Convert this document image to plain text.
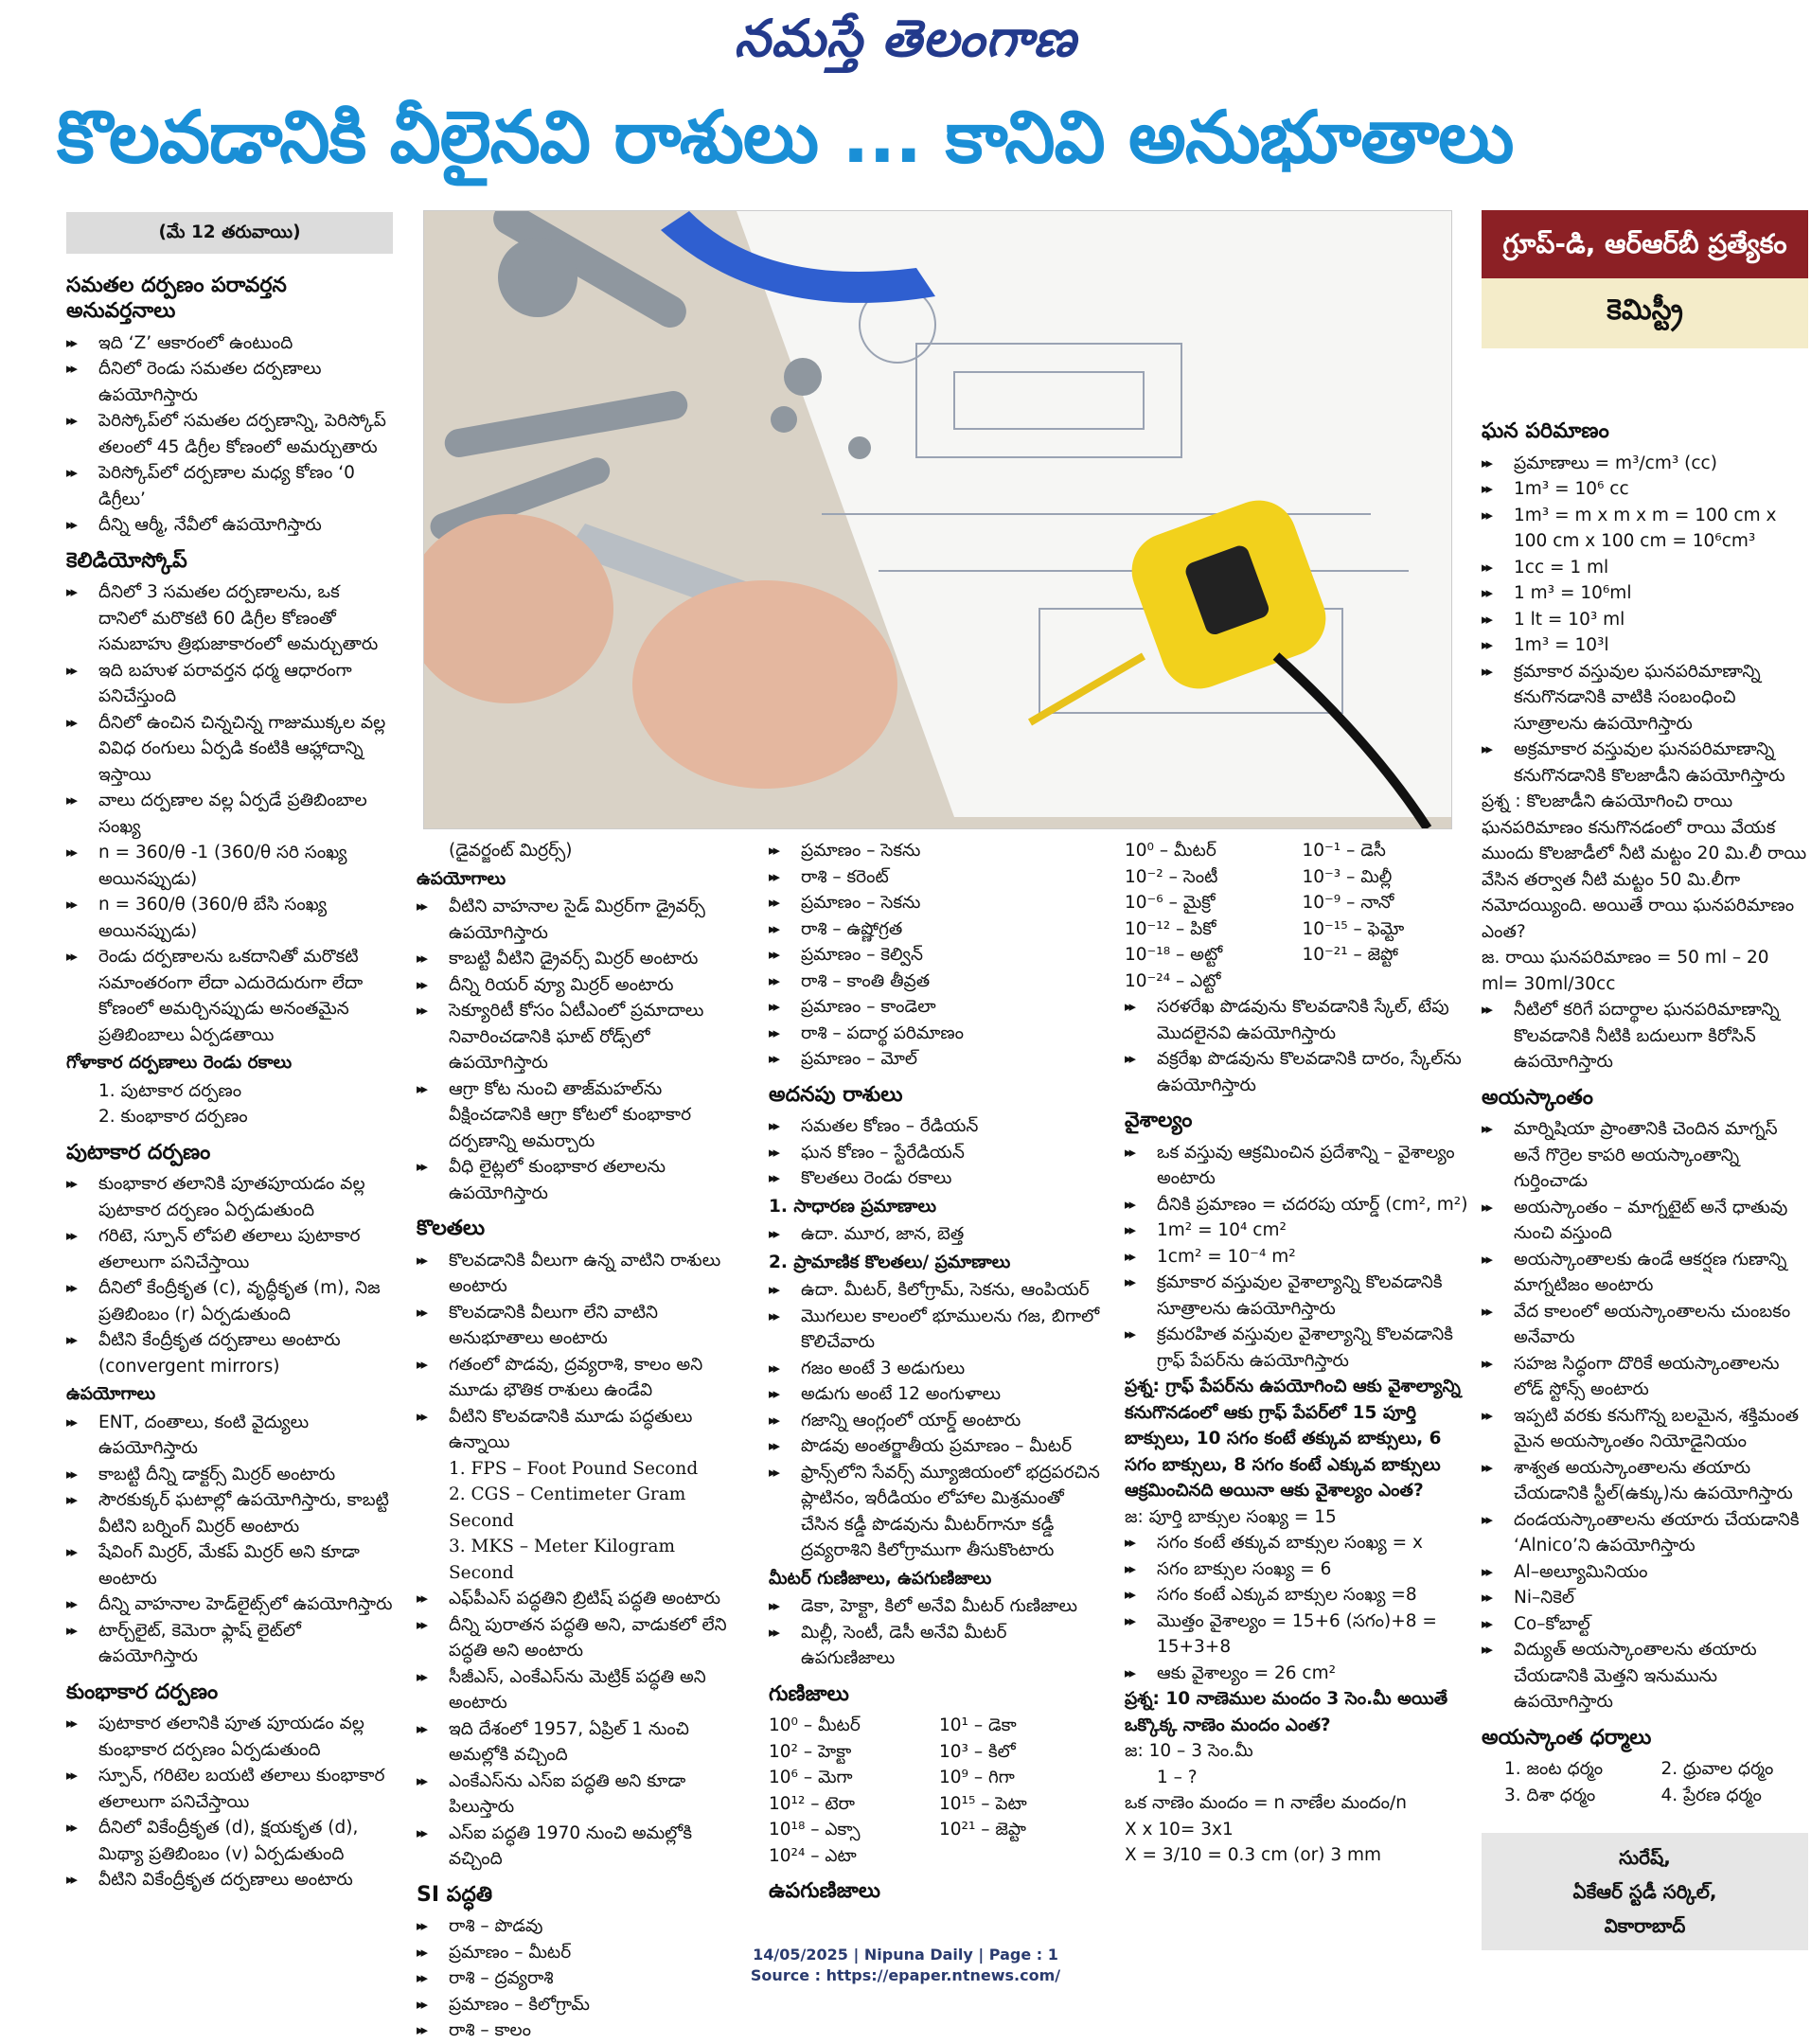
నమస్తే తెలంగాణ
కొలవడానికి వీలైనవి రాశులు ... కానివి అనుభూతాలు
(మే 12 తరువాయి)
సమతల దర్పణం పరావర్తన అనువర్తనాలు
▸▸ ఇది ‘Z’ ఆకారంలో ఉంటుంది
▸▸ దీనిలో రెండు సమతల దర్పణాలు ఉపయోగిస్తారు
▸▸ పెరిస్కోప్‌లో సమతల దర్పణాన్ని, పెరిస్కోప్‌ తలంలో 45 డిగ్రీల కోణంలో అమర్చుతారు
▸▸ పెరిస్కోప్‌లో దర్పణాల మధ్య కోణం ‘0 డిగ్రీలు’
▸▸ దీన్ని ఆర్మీ, నేవీలో ఉపయోగిస్తారు
కెలిడియోస్కోప్‌
▸▸ దీనిలో 3 సమతల దర్పణాలను, ఒక దానిలో మరొకటి 60 డిగ్రీల కోణంతో సమబాహు త్రిభుజాకారంలో అమర్చుతారు
▸▸ ఇది బహుళ పరావర్తన ధర్మ ఆధారంగా పనిచేస్తుంది
▸▸ దీనిలో ఉంచిన చిన్నచిన్న గాజుముక్కల వల్ల వివిధ రంగులు ఏర్పడి కంటికి ఆహ్లాదాన్ని ఇస్తాయి
▸▸ వాలు దర్పణాల వల్ల ఏర్పడే ప్రతిబింబాల సంఖ్య
▸▸ n = 360/θ -1 (360/θ సరి సంఖ్య అయినప్పుడు)
▸▸ n = 360/θ (360/θ బేసి సంఖ్య అయినప్పుడు)
▸▸ రెండు దర్పణాలను ఒకదానితో మరొకటి సమాంతరంగా లేదా ఎదురెదురుగా లేదా కోణంలో అమర్చినప్పుడు అనంతమైన ప్రతిబింబాలు ఏర్పడతాయి
గోళాకార దర్పణాలు రెండు రకాలు
1. పుటాకార దర్పణం
2. కుంభాకార దర్పణం
పుటాకార దర్పణం
▸▸ కుంభాకార తలానికి పూతపూయడం వల్ల పుటాకార దర్పణం ఏర్పడుతుంది
▸▸ గరిటె, స్పూన్‌ లోపలి తలాలు పుటాకార తలాలుగా పనిచేస్తాయి
▸▸ దీనిలో కేంద్రీకృత (c), వృద్ధీకృత (m), నిజ ప్రతిబింబం (r) ఏర్పడుతుంది
▸▸ వీటిని కేంద్రీకృత దర్పణాలు అంటారు (convergent mirrors)
ఉపయోగాలు
▸▸ ENT, దంతాలు, కంటి వైద్యులు ఉపయోగిస్తారు
▸▸ కాబట్టి దీన్ని డాక్టర్స్‌ మిర్రర్‌ అంటారు
▸▸ సౌరకుక్కర్‌ ఘటాల్లో ఉపయోగిస్తారు, కాబట్టి వీటిని బర్నింగ్‌ మిర్రర్‌ అంటారు
▸▸ షేవింగ్‌ మిర్రర్‌, మేకప్‌ మిర్రర్‌ అని కూడా అంటారు
▸▸ దీన్ని వాహనాల హెడ్‌లైట్స్‌లో ఉపయోగిస్తారు
▸▸ టార్చ్‌లైట్‌, కెమెరా ఫ్లాష్‌ లైట్‌లో ఉపయోగిస్తారు
కుంభాకార దర్పణం
▸▸ పుటాకార తలానికి పూత పూయడం వల్ల కుంభాకార దర్పణం ఏర్పడుతుంది
▸▸ స్పూన్‌, గరిటెల బయటి తలాలు కుంభాకార తలాలుగా పనిచేస్తాయి
▸▸ దీనిలో వికేంద్రీకృత (d), క్షయకృత (d), మిథ్యా ప్రతిబింబం (v) ఏర్పడుతుంది
▸▸ వీటిని వికేంద్రీకృత దర్పణాలు అంటారు
(డైవర్జంట్‌ మిర్రర్స్‌)
ఉపయోగాలు
▸▸ వీటిని వాహనాల సైడ్‌ మిర్రర్‌గా డ్రైవర్స్‌ ఉపయోగిస్తారు
▸▸ కాబట్టి వీటిని డ్రైవర్స్‌ మిర్రర్‌ అంటారు
▸▸ దీన్ని రియర్‌ వ్యూ మిర్రర్‌ అంటారు
▸▸ సెక్యూరిటీ కోసం ఏటీఎంలో ప్రమాదాలు నివారించడానికి ఘాట్‌ రోడ్స్‌లో ఉపయోగిస్తారు
▸▸ ఆగ్రా కోట నుంచి తాజ్‌మహల్‌ను వీక్షించడానికి ఆగ్రా కోటలో కుంభాకార దర్పణాన్ని అమర్చారు
▸▸ వీధి లైట్లలో కుంభాకార తలాలను ఉపయోగిస్తారు
కొలతలు
▸▸ కొలవడానికి వీలుగా ఉన్న వాటిని రాశులు అంటారు
▸▸ కొలవడానికి వీలుగా లేని వాటిని అనుభూతాలు అంటారు
▸▸ గతంలో పొడవు, ద్రవ్యరాశి, కాలం అని మూడు భౌతిక రాశులు ఉండేవి
▸▸ వీటిని కొలవడానికి మూడు పద్ధతులు ఉన్నాయి
1. FPS – Foot Pound Second
2. CGS – Centimeter Gram Second
3. MKS – Meter Kilogram Second
▸▸ ఎఫ్‌పీఎస్‌ పద్ధతిని బ్రిటిష్‌ పద్ధతి అంటారు
▸▸ దీన్ని పురాతన పద్ధతి అని, వాడుకలో లేని పద్ధతి అని అంటారు
▸▸ సీజీఎస్‌, ఎంకేఎస్‌ను మెట్రిక్‌ పద్ధతి అని అంటారు
▸▸ ఇది దేశంలో 1957, ఏప్రిల్‌ 1 నుంచి అమల్లోకి వచ్చింది
▸▸ ఎంకేఎస్‌ను ఎస్‌ఐ పద్ధతి అని కూడా పిలుస్తారు
▸▸ ఎస్‌ఐ పద్ధతి 1970 నుంచి అమల్లోకి వచ్చింది
SI పద్ధతి
▸▸ రాశి – పొడవు
▸▸ ప్రమాణం – మీటర్‌
▸▸ రాశి – ద్రవ్యరాశి
▸▸ ప్రమాణం – కిలోగ్రామ్‌
▸▸ రాశి – కాలం
▸▸ ప్రమాణం – సెకను
▸▸ రాశి – కరెంట్‌
▸▸ ప్రమాణం – సెకను
▸▸ రాశి – ఉష్ణోగ్రత
▸▸ ప్రమాణం – కెల్విన్‌
▸▸ రాశి – కాంతి తీవ్రత
▸▸ ప్రమాణం – కాండెలా
▸▸ రాశి – పదార్థ పరిమాణం
▸▸ ప్రమాణం – మోల్‌
అదనపు రాశులు
▸▸ సమతల కోణం – రేడియన్‌
▸▸ ఘన కోణం – స్టేరేడియన్‌
▸▸ కొలతలు రెండు రకాలు
1. సాధారణ ప్రమాణాలు
▸▸ ఉదా. మూర, జాన, బెత్త
2. ప్రామాణిక కొలతలు/ ప్రమాణాలు
▸▸ ఉదా. మీటర్‌, కిలోగ్రామ్‌, సెకను, ఆంపియర్‌
▸▸ మొగలుల కాలంలో భూములను గజ, బిగాలో కొలిచేవారు
▸▸ గజం అంటే 3 అడుగులు
▸▸ అడుగు అంటే 12 అంగుళాలు
▸▸ గజాన్ని ఆంగ్లంలో యార్డ్‌ అంటారు
▸▸ పొడవు అంతర్జాతీయ ప్రమాణం – మీటర్‌
▸▸ ఫ్రాన్స్‌లోని సేవర్స్‌ మ్యూజియంలో భద్రపరచిన ప్లాటినం, ఇరీడియం లోహాల మిశ్రమంతో చేసిన కడ్డీ పొడవును మీటర్‌గానూ కడ్డీ ద్రవ్యరాశిని కిలోగ్రాముగా తీసుకొంటారు
మీటర్‌ గుణిజాలు, ఉపగుణిజాలు
▸▸ డెకా, హెక్టా, కిలో అనేవి మీటర్‌ గుణిజాలు
▸▸ మిల్లీ, సెంటీ, డెసీ అనేవి మీటర్‌ ఉపగుణిజాలు
గుణిజాలు
10⁰ – మీటర్‌	10¹ – డెకా
10² – హెక్టా	10³ – కిలో
10⁶ – మెగా	10⁹ – గిగా
10¹² – టెరా	10¹⁵ – పెటా
10¹⁸ – ఎక్సా	10²¹ – జెప్టా
10²⁴ – ఎటా
ఉపగుణిజాలు
10⁰ – మీటర్‌	10⁻¹ – డెసీ
10⁻² – సెంటీ	10⁻³ – మిల్లీ
10⁻⁶ – మైక్రో	10⁻⁹ – నానో
10⁻¹² – పికో	10⁻¹⁵ – ఫెమ్టో
10⁻¹⁸ – అట్టో	10⁻²¹ – జెప్టో
10⁻²⁴ – ఎట్టో
▸▸ సరళరేఖ పొడవును కొలవడానికి స్కేల్‌, టేపు మొదలైనవి ఉపయోగిస్తారు
▸▸ వక్రరేఖ పొడవును కొలవడానికి దారం, స్కేల్‌ను ఉపయోగిస్తారు
వైశాల్యం
▸▸ ఒక వస్తువు ఆక్రమించిన ప్రదేశాన్ని – వైశాల్యం అంటారు
▸▸ దీనికి ప్రమాణం = చదరపు యార్డ్‌ (cm², m²)
▸▸ 1m² = 10⁴ cm²
▸▸ 1cm² = 10⁻⁴ m²
▸▸ క్రమాకార వస్తువుల వైశాల్యాన్ని కొలవడానికి సూత్రాలను ఉపయోగిస్తారు
▸▸ క్రమరహిత వస్తువుల వైశాల్యాన్ని కొలవడానికి గ్రాఫ్‌ పేపర్‌ను ఉపయోగిస్తారు
ప్రశ్న: గ్రాఫ్‌ పేపర్‌ను ఉపయోగించి ఆకు వైశాల్యాన్ని కనుగొనడంలో ఆకు గ్రాఫ్‌ పేపర్‌లో 15 పూర్తి బాక్సులు, 10 సగం కంటే తక్కువ బాక్సులు, 6 సగం బాక్సులు, 8 సగం కంటే ఎక్కువ బాక్సులు ఆక్రమించినది అయినా ఆకు వైశాల్యం ఎంత?
జ: పూర్తి బాక్సుల సంఖ్య = 15
▸▸ సగం కంటే తక్కువ బాక్సుల సంఖ్య = x
▸▸ సగం బాక్సుల సంఖ్య = 6
▸▸ సగం కంటే ఎక్కువ బాక్సుల సంఖ్య =8
▸▸ మొత్తం వైశాల్యం = 15+6 (సగం)+8 = 15+3+8
▸▸ ఆకు వైశాల్యం = 26 cm²
ప్రశ్న: 10 నాణెముల మందం 3 సెం.మీ అయితే ఒక్కొక్క నాణెం మందం ఎంత?
జ: 10 – 3 సెం.మీ
1 – ?
ఒక నాణెం మందం = n నాణేల మందం/n
X x 10= 3x1
X = 3/10 = 0.3 cm (or) 3 mm
గ్రూప్‌-డి, ఆర్‌ఆర్‌బీ ప్రత్యేకం
కెమిస్ట్రీ
ఘన పరిమాణం
▸▸ ప్రమాణాలు = m³/cm³ (cc)
▸▸ 1m³ = 10⁶ cc
▸▸ 1m³ = m x m x m = 100 cm x 100 cm x 100 cm = 10⁶cm³
▸▸ 1cc = 1 ml
▸▸ 1 m³ = 10⁶ml
▸▸ 1 lt = 10³ ml
▸▸ 1m³ = 10³l
▸▸ క్రమాకార వస్తువుల ఘనపరిమాణాన్ని కనుగొనడానికి వాటికి సంబంధించి సూత్రాలను ఉపయోగిస్తారు
▸▸ అక్రమాకార వస్తువుల ఘనపరిమాణాన్ని కనుగొనడానికి కొలజాడీని ఉపయోగిస్తారు
ప్రశ్న : కొలజాడీని ఉపయోగించి రాయి ఘనపరిమాణం కనుగొనడంలో రాయి వేయక ముందు కొలజాడీలో నీటి మట్టం 20 మి.లీ రాయి వేసిన తర్వాత నీటి మట్టం 50 మి.లీగా నమోదయ్యింది. అయితే రాయి ఘనపరిమాణం ఎంత?
జ. రాయి ఘనపరిమాణం = 50 ml – 20 ml= 30ml/30cc
▸▸ నీటిలో కరిగే పదార్థాల ఘనపరిమాణాన్ని కొలవడానికి నీటికి బదులుగా కిరోసిన్‌ ఉపయోగిస్తారు
అయస్కాంతం
▸▸ మార్నిషియా ప్రాంతానికి చెందిన మాగ్నస్‌ అనే గొర్రెల కాపరి అయస్కాంతాన్ని గుర్తించాడు
▸▸ అయస్కాంతం – మాగ్నటైట్‌ అనే ధాతువు నుంచి వస్తుంది
▸▸ అయస్కాంతాలకు ఉండే ఆకర్షణ గుణాన్ని మాగ్నటిజం అంటారు
▸▸ వేద కాలంలో అయస్కాంతాలను చుంబకం అనేవారు
▸▸ సహజ సిద్ధంగా దొరికే అయస్కాంతాలను లోడ్‌ స్టోన్స్‌ అంటారు
▸▸ ఇప్పటి వరకు కనుగొన్న బలమైన, శక్తిమంత మైన అయస్కాంతం నియోడైనియం
▸▸ శాశ్వత అయస్కాంతాలను తయారు చేయడానికి స్టీల్‌(ఉక్కు)ను ఉపయోగిస్తారు
▸▸ దండయస్కాంతాలను తయారు చేయడానికి ‘Alnico’ని ఉపయోగిస్తారు
▸▸ Al–అల్యూమినియం
▸▸ Ni–నికెల్‌
▸▸ Co–కోబాల్ట్‌
▸▸ విద్యుత్‌ అయస్కాంతాలను తయారు చేయడానికి మెత్తని ఇనుమును ఉపయోగిస్తారు
అయస్కాంత ధర్మాలు
1. జంట ధర్మం	2. ధ్రువాల ధర్మం
3. దిశా ధర్మం	4. ప్రేరణ ధర్మం
సురేష్‌,
ఏకేఆర్‌ స్టడీ సర్కిల్‌,
వికారాబాద్‌
14/05/2025 | Nipuna Daily | Page : 1
Source : https://epaper.ntnews.com/
